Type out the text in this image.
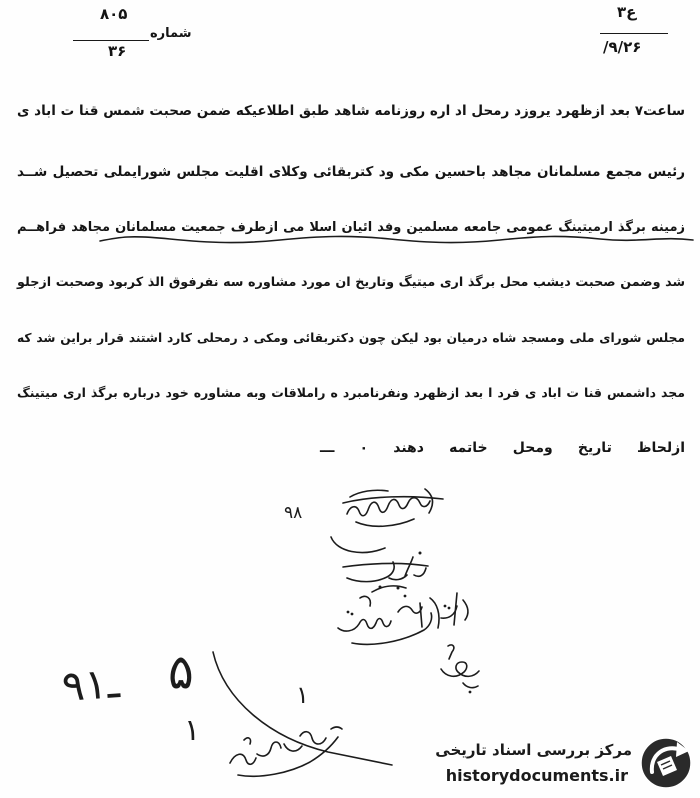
۸۰۵
شماره
۳۶
۳ع
/۹/۲۶
ساعت۷ بعد ازظهرد یروزد رمحل اد اره روزنامه شاهد طبق اطلاعیکه ضمن صحبت شمس قنا ت اباد ی
رئیس مجمع مسلمانان مجاهد باحسین مکی ود کتربقائی وکلای اقلیت مجلس شورایملی تحصیل شــد
زمینه برگذ ارمیتینگ عمومی جامعه مسلمین وفد ائیان اسلا می ازطرف جمعیت مسلمانان مجاهد فراهــم
شد وضمن صحبت دیشب محل برگذ اری میتیگ وتاریخ ان مورد مشاوره سه نفرفوق الذ کربود وصحبت ازجلو
مجلس شورای ملی ومسجد شاه درمیان بود لیکن چون دکتربقائی ومکی د رمحلی کارد اشتند قرار براین شد که
مجد داشمس قنا ت اباد ی فرد ا بعد ازظهرد ونفرنامبرد ه راملاقات وبه مشاوره خود درباره برگذ اری میتینگ
ازلحاظ تاریخ ومحل خاتمه دهند ۰ ـــ
۹۸
۹۱ـ ۵	۱
۱
مرکز بررسی اسناد تاریخی
historydocuments.ir
